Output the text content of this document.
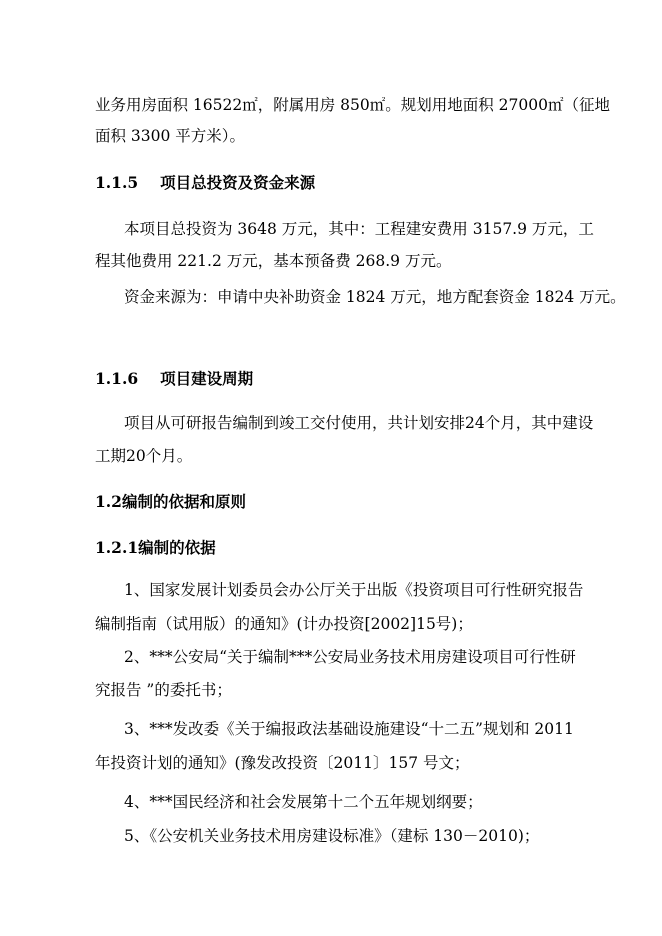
业务用房面积 16522㎡，附属用房 850㎡。规划用地面积 27000㎡（征地
面积 3300 平方米）。
1.1.5 项目总投资及资金来源
本项目总投资为 3648 万元，其中：工程建安费用 3157.9 万元，工
程其他费用 221.2 万元，基本预备费 268.9 万元。
资金来源为：申请中央补助资金 1824 万元，地方配套资金 1824 万元。
1.1.6 项目建设周期
项目从可研报告编制到竣工交付使用，共计划安排24个月，其中建设
工期20个月。
1.2编制的依据和原则
1.2.1编制的依据
1、国家发展计划委员会办公厅关于出版《投资项目可行性研究报告
编制指南（试用版）的通知》(计办投资[2002]15号)；
2、***公安局“关于编制***公安局业务技术用房建设项目可行性研
究报告 ”的委托书；
3、***发改委《关于编报政法基础设施建设“十二五”规划和 2011
年投资计划的通知》(豫发改投资〔2011〕157 号文；
4、***国民经济和社会发展第十二个五年规划纲要；
5、《公安机关业务技术用房建设标准》（建标 130－2010)；
